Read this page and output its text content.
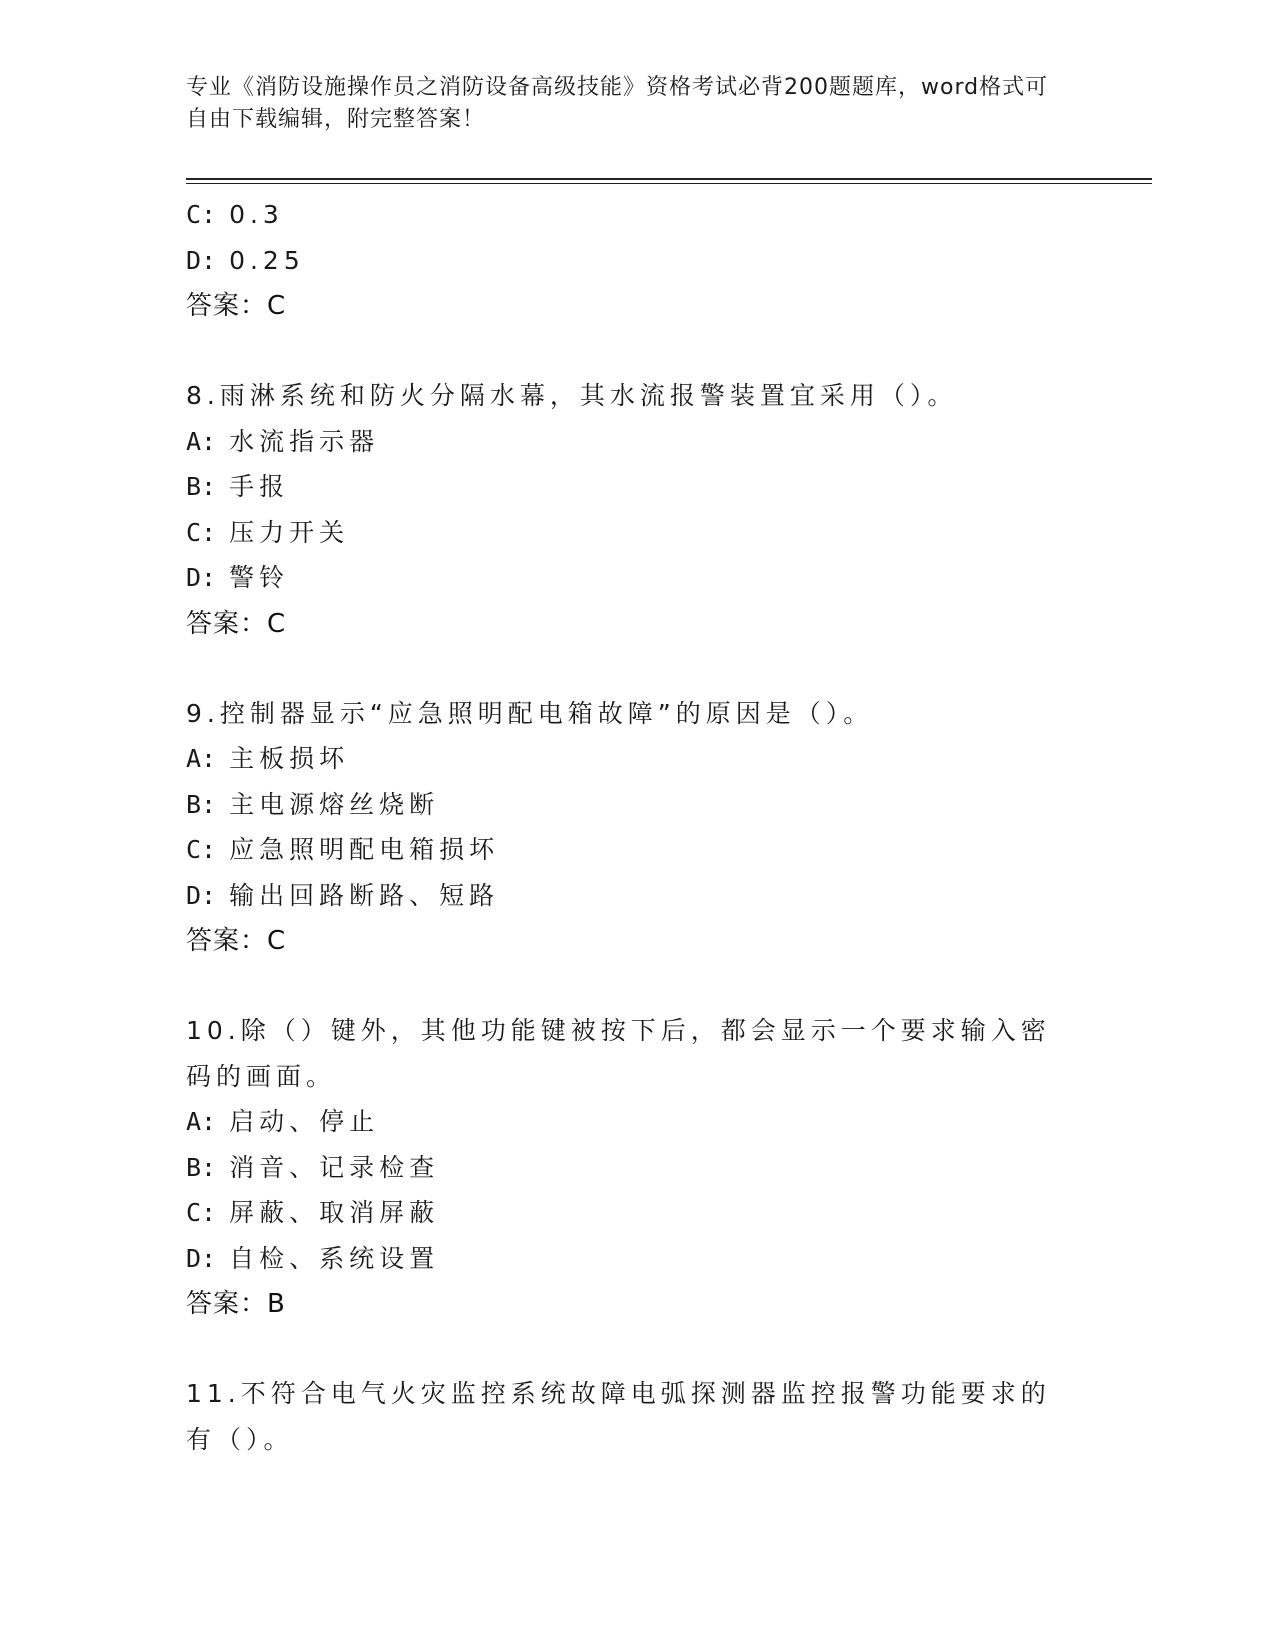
专业《消防设施操作员之消防设备高级技能》资格考试必背200题题库，word格式可自由下载编辑，附完整答案！
C: 0.3
D: 0.25
答案：C
8.雨淋系统和防火分隔水幕，其水流报警装置宜采用（）。
A: 水流指示器
B: 手报
C: 压力开关
D: 警铃
答案：C
9.控制器显示“应急照明配电箱故障”的原因是（）。
A: 主板损坏
B: 主电源熔丝烧断
C: 应急照明配电箱损坏
D: 输出回路断路、短路
答案：C
10.除（）键外，其他功能键被按下后，都会显示一个要求输入密码的画面。
A: 启动、停止
B: 消音、记录检查
C: 屏蔽、取消屏蔽
D: 自检、系统设置
答案：B
11.不符合电气火灾监控系统故障电弧探测器监控报警功能要求的有（）。
